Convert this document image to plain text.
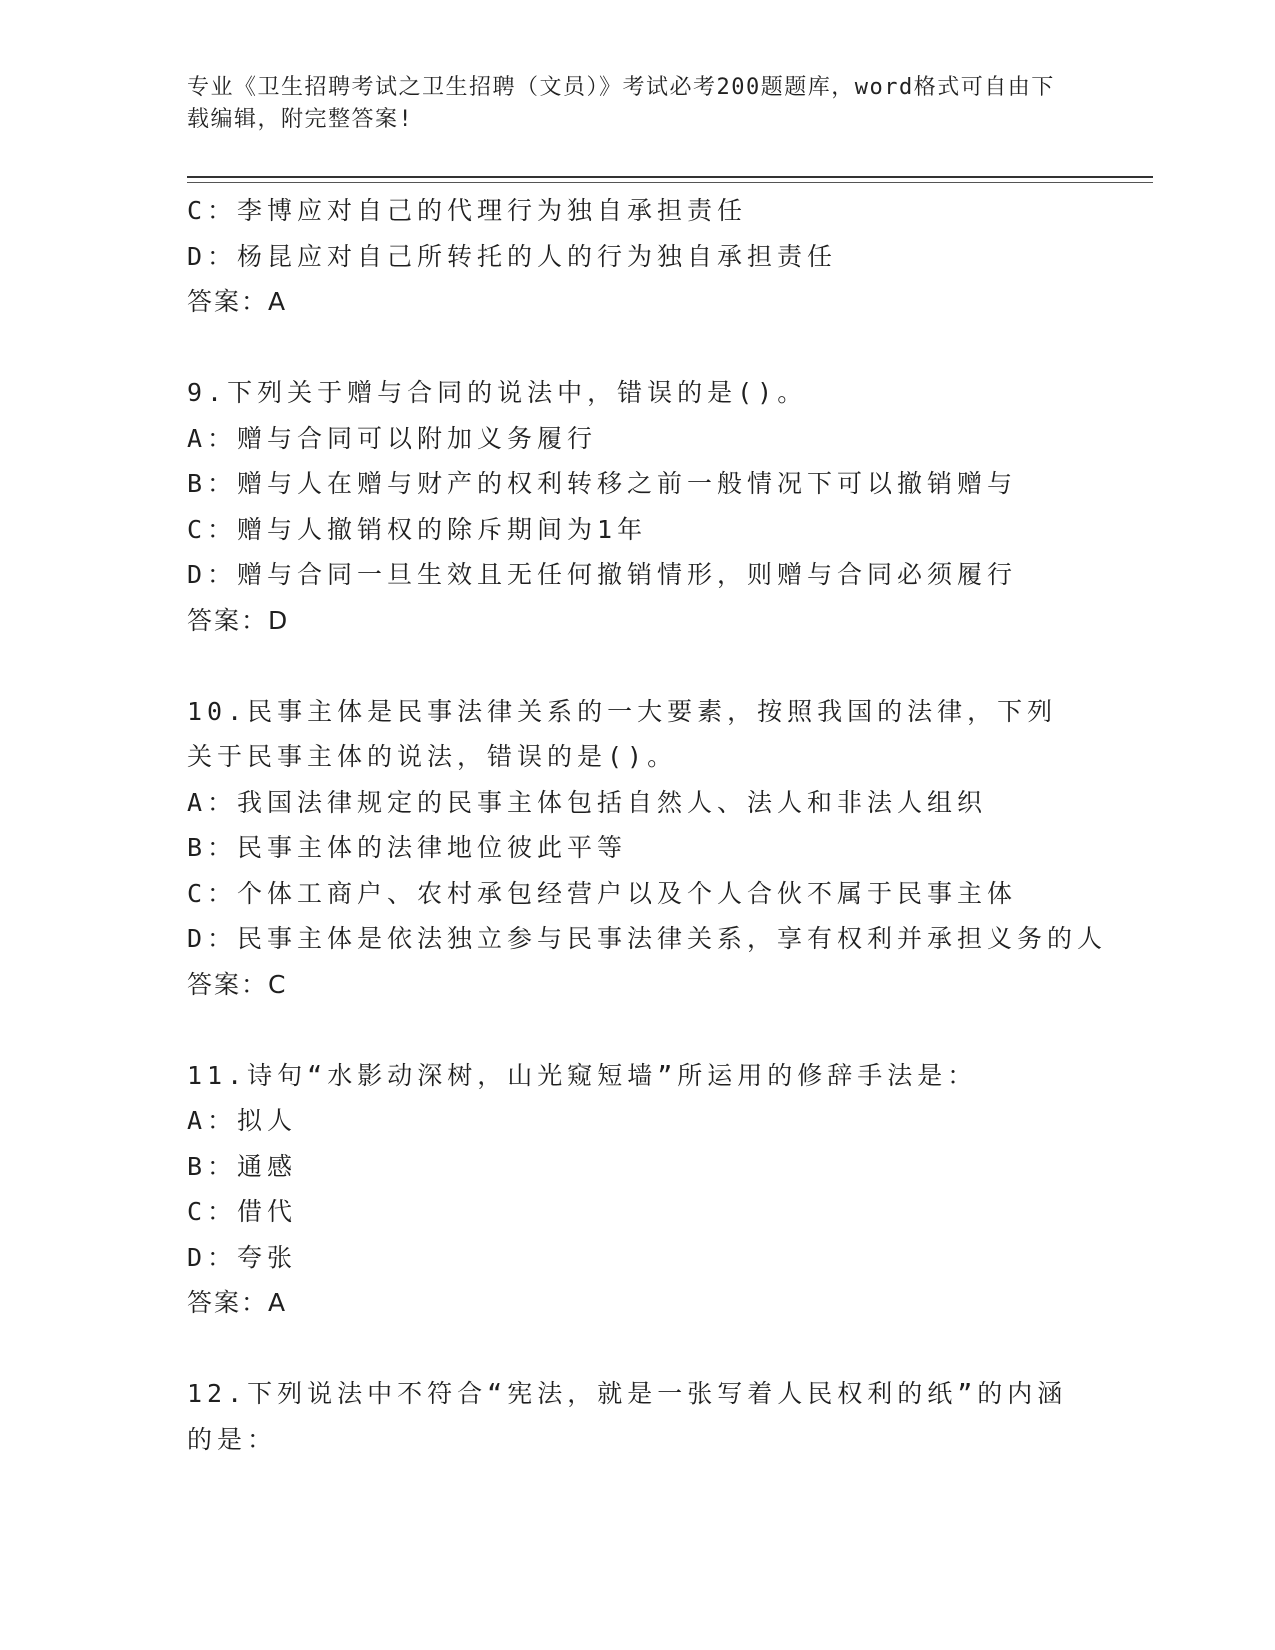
专业《卫生招聘考试之卫生招聘（文员）》考试必考200题题库，word格式可自由下载编辑，附完整答案!
C：李博应对自己的代理行为独自承担责任
D：杨昆应对自己所转托的人的行为独自承担责任
答案：A
9.下列关于赠与合同的说法中，错误的是()。
A：赠与合同可以附加义务履行
B：赠与人在赠与财产的权利转移之前一般情况下可以撤销赠与
C：赠与人撤销权的除斥期间为1年
D：赠与合同一旦生效且无任何撤销情形，则赠与合同必须履行
答案：D
10.民事主体是民事法律关系的一大要素，按照我国的法律，下列关于民事主体的说法，错误的是()。
A：我国法律规定的民事主体包括自然人、法人和非法人组织
B：民事主体的法律地位彼此平等
C：个体工商户、农村承包经营户以及个人合伙不属于民事主体
D：民事主体是依法独立参与民事法律关系，享有权利并承担义务的人
答案：C
11.诗句“水影动深树，山光窥短墙”所运用的修辞手法是：
A：拟人
B：通感
C：借代
D：夸张
答案：A
12.下列说法中不符合“宪法，就是一张写着人民权利的纸”的内涵的是：
